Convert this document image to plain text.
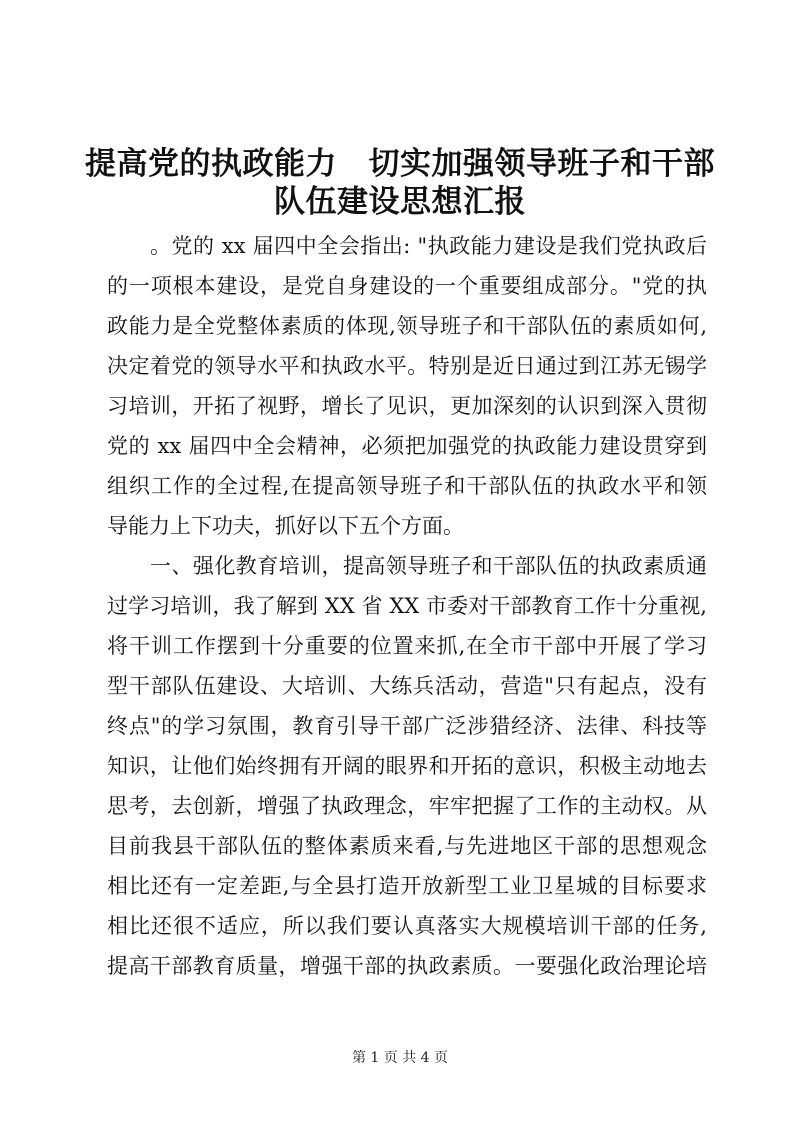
提高党的执政能力　切实加强领导班子和干部
队伍建设思想汇报

。党的 xx 届四中全会指出: "执政能力建设是我们党执政后

的一项根本建设，是党自身建设的一个重要组成部分。"党的执

政能力是全党整体素质的体现,领导班子和干部队伍的素质如何,

决定着党的领导水平和执政水平。特别是近日通过到江苏无锡学

习培训，开拓了视野，增长了见识，更加深刻的认识到深入贯彻

党的 xx 届四中全会精神，必须把加强党的执政能力建设贯穿到

组织工作的全过程,在提高领导班子和干部队伍的执政水平和领

导能力上下功夫，抓好以下五个方面。

一、强化教育培训，提高领导班子和干部队伍的执政素质通

过学习培训，我了解到 XX 省 XX 市委对干部教育工作十分重视,

将干训工作摆到十分重要的位置来抓,在全市干部中开展了学习

型干部队伍建设、大培训、大练兵活动，营造"只有起点，没有

终点"的学习氛围，教育引导干部广泛涉猎经济、法律、科技等

知识，让他们始终拥有开阔的眼界和开拓的意识，积极主动地去

思考，去创新，增强了执政理念，牢牢把握了工作的主动权。从

目前我县干部队伍的整体素质来看,与先进地区干部的思想观念

相比还有一定差距,与全县打造开放新型工业卫星城的目标要求

相比还很不适应，所以我们要认真落实大规模培训干部的任务,

提高干部教育质量，增强干部的执政素质。一要强化政治理论培

第 1 页 共 4 页
